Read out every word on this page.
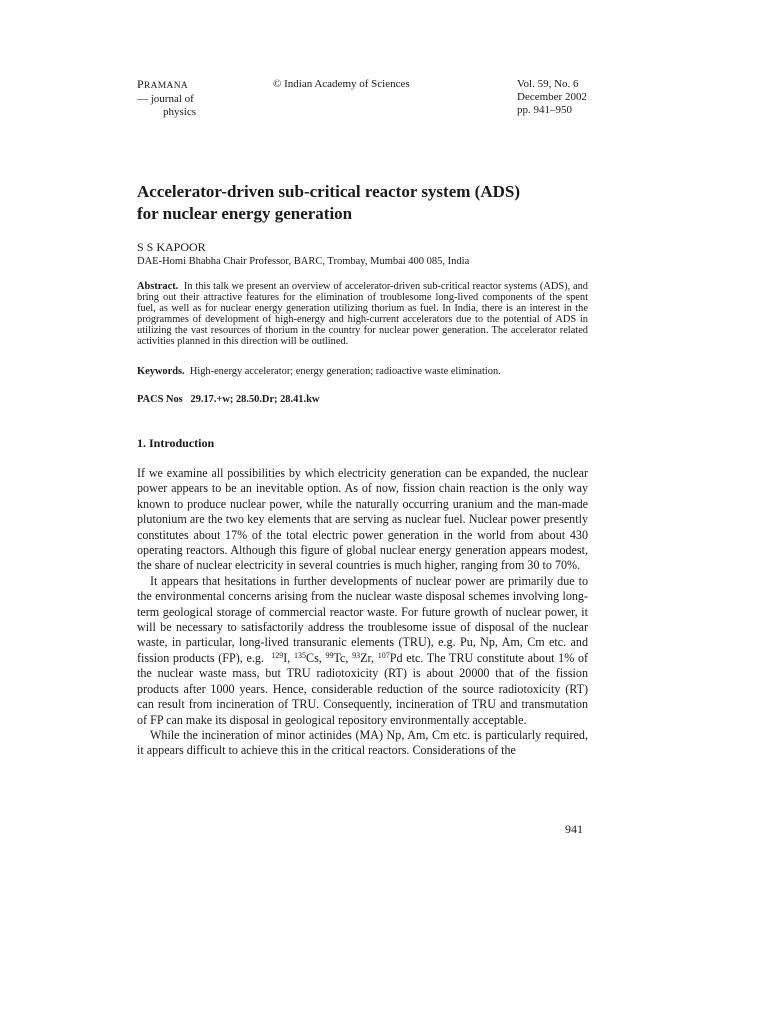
PRAMANA
— journal of
physics
© Indian Academy of Sciences	Vol. 59, No. 6
December 2002
pp. 941–950
Accelerator-driven sub-critical reactor system (ADS)
for nuclear energy generation
S S KAPOOR
DAE-Homi Bhabha Chair Professor, BARC, Trombay, Mumbai 400 085, India
Abstract. In this talk we present an overview of accelerator-driven sub-critical reactor systems (ADS), and bring out their attractive features for the elimination of troublesome long-lived components of the spent fuel, as well as for nuclear energy generation utilizing thorium as fuel. In India, there is an interest in the programmes of development of high-energy and high-current accelerators due to the potential of ADS in utilizing the vast resources of thorium in the country for nuclear power generation. The accelerator related activities planned in this direction will be outlined.
Keywords. High-energy accelerator; energy generation; radioactive waste elimination.
PACS Nos 29.17.+w; 28.50.Dr; 28.41.kw
1. Introduction

If we examine all possibilities by which electricity generation can be expanded, the nuclear power appears to be an inevitable option. As of now, fission chain reaction is the only way known to produce nuclear power, while the naturally occurring uranium and the man-made plutonium are the two key elements that are serving as nuclear fuel. Nuclear power presently constitutes about 17% of the total electric power generation in the world from about 430 operating reactors. Although this figure of global nuclear energy generation appears modest, the share of nuclear electricity in several countries is much higher, ranging from 30 to 70%.

It appears that hesitations in further developments of nuclear power are primarily due to the environmental concerns arising from the nuclear waste disposal schemes involving long-term geological storage of commercial reactor waste. For future growth of nuclear power, it will be necessary to satisfactorily address the troublesome issue of disposal of the nuclear waste, in particular, long-lived transuranic elements (TRU), e.g. Pu, Np, Am, Cm etc. and fission products (FP), e.g. $^{129}$I, $^{135}$Cs, $^{99}$Tc, $^{93}$Zr, $^{107}$Pd etc. The TRU constitute about 1% of the nuclear waste mass, but TRU radiotoxicity (RT) is about 20000 that of the fission products after 1000 years. Hence, considerable reduction of the source radiotoxicity (RT) can result from incineration of TRU. Consequently, incineration of TRU and transmutation of FP can make its disposal in geological repository environmentally acceptable.

While the incineration of minor actinides (MA) Np, Am, Cm etc. is particularly required, it appears difficult to achieve this in the critical reactors. Considerations of the

941
